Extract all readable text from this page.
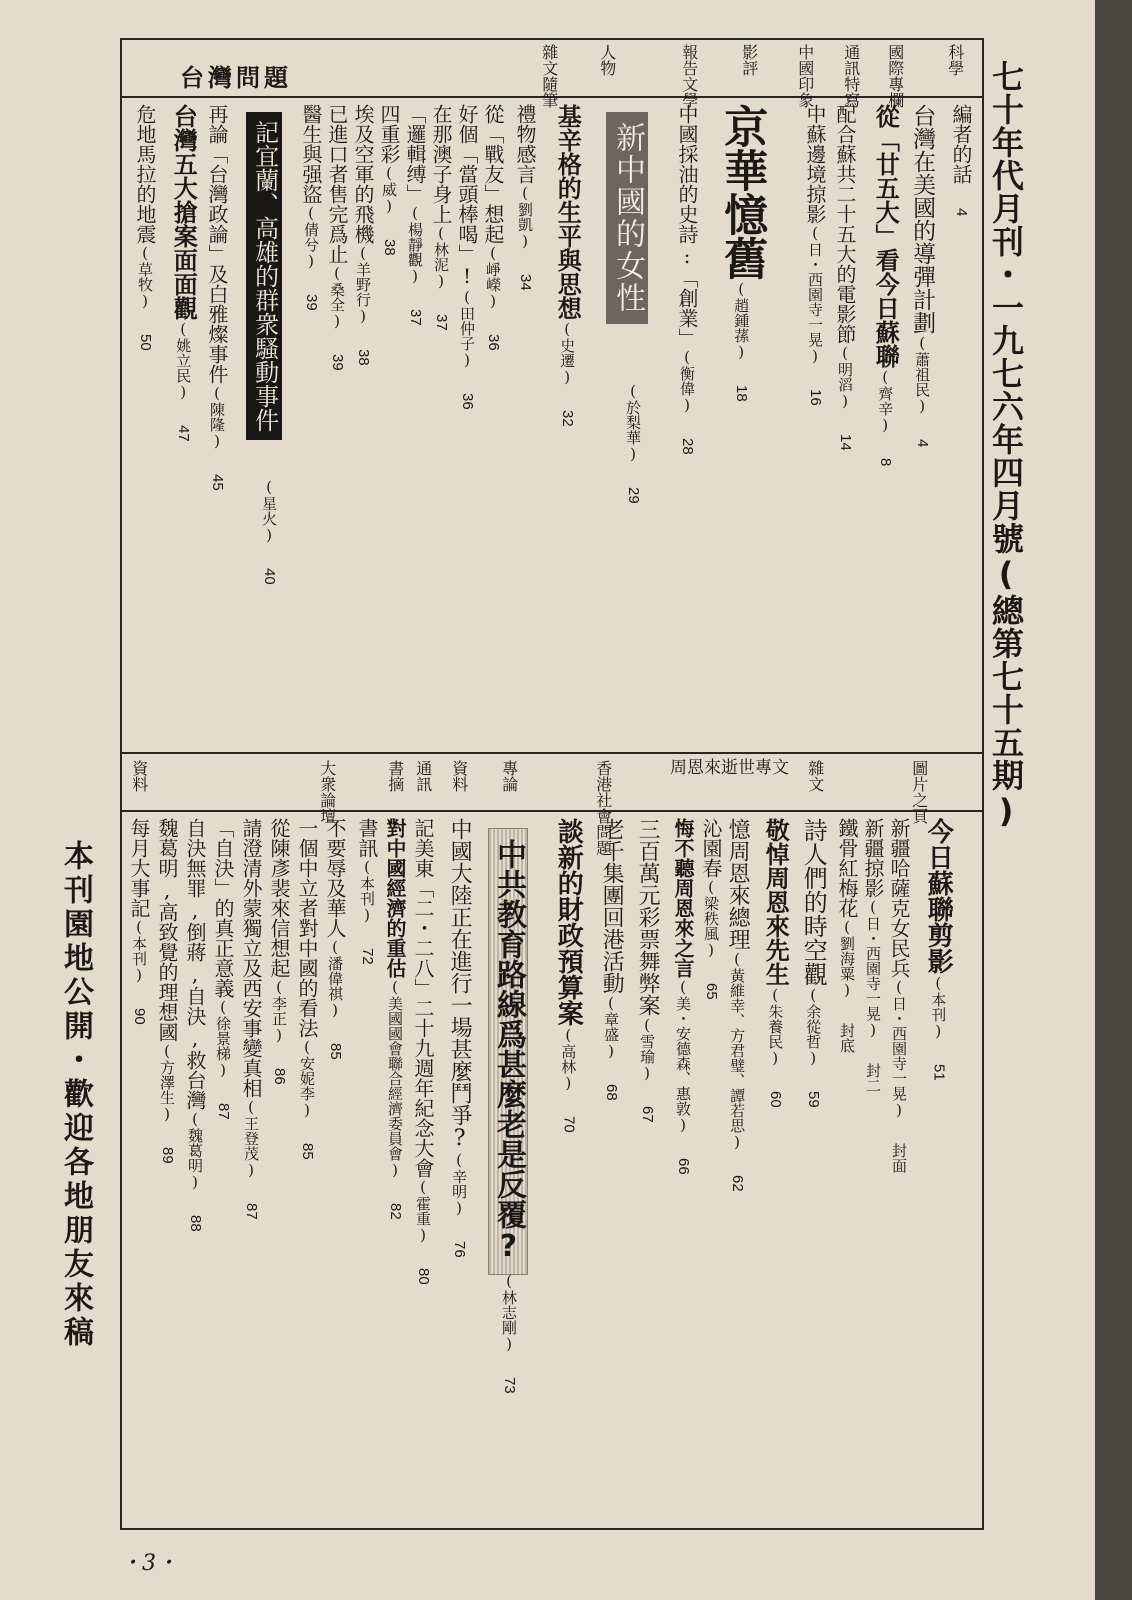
七十年代月刊・一九七六年四月號(總第七十五期)
本刊園地公開・歡迎各地朋友來稿
・3・
台灣問題
科學
國際專欄
通訊特寫
中國印象
影評
報告文學
人物
雜文隨筆
編者的話 4
台灣在美國的導彈計劃(蕭祖民) 4
從「廿五大」看今日蘇聯(齊辛) 8
配合蘇共二十五大的電影節(明滔) 14
中蘇邊境掠影(日・西園寺一晃) 16
京華憶舊(趙鍾蓀) 18
中國採油的史詩:「創業」(衡偉) 28
新中國的女性
(於梨華) 29
基辛格的生平與思想(史遷) 32
禮物感言(劉凱) 34
從「戰友」想起(崢嶸) 36
好個「當頭棒喝」!(田仲子) 36
在那澳子身上(林泥) 37
「邏輯缚」(楊靜觀) 37
四重彩(威) 38
埃及空軍的飛機(羊野行) 38
已進口者售完爲止(桑全) 39
醫生與强盜(倩兮) 39
記宜蘭、高雄的群衆騷動事件
(星火) 40
再論「台灣政論」及白雅燦事件(陳隆) 45
台灣五大搶案面面觀(姚立民) 47
危地馬拉的地震(草牧) 50
圖片之頁
雜文
周恩來逝世專文
香港社會問題
專論
資料
通訊
書摘
大衆論壇
資料
今日蘇聯剪影(本刊) 51
新疆哈薩克女民兵(日・西園寺一晃) 封面
新疆掠影(日・西園寺一晃) 封二
鐵骨紅梅花(劉海粟) 封底
詩人們的時空觀(余從哲) 59
敬悼周恩來先生(朱養民) 60
憶周恩來總理(黃維幸、方君璧、譚若思) 62
沁園春(梁秩風) 65
悔不聽周恩來之言(美・安德森、惠敦) 66
三百萬元彩票舞弊案(雪瑜) 67
老千集團回港活動(章盛) 68
談新的財政預算案(高林) 70
中共教育路線爲甚麼老是反覆?
(林志剛) 73
中國大陸正在進行一場甚麼鬥爭?(辛明) 76
記美東「二・二八」二十九週年紀念大會(霍重) 80
對中國經濟的重估(美國國會聯合經濟委員會) 82
書訊(本刊) 72
不要辱及華人(潘偉祺) 85
一個中立者對中國的看法(安妮李) 85
從陳彥裴來信想起(李正) 86
請澄清外蒙獨立及西安事變真相(王登茂) 87
「自決」的真正意義(徐景梯) 87
自決無罪,倒蔣,自決,救台灣(魏葛明) 88
魏葛明,高致覺的理想國(方澤生) 89
每月大事記(本刊) 90
